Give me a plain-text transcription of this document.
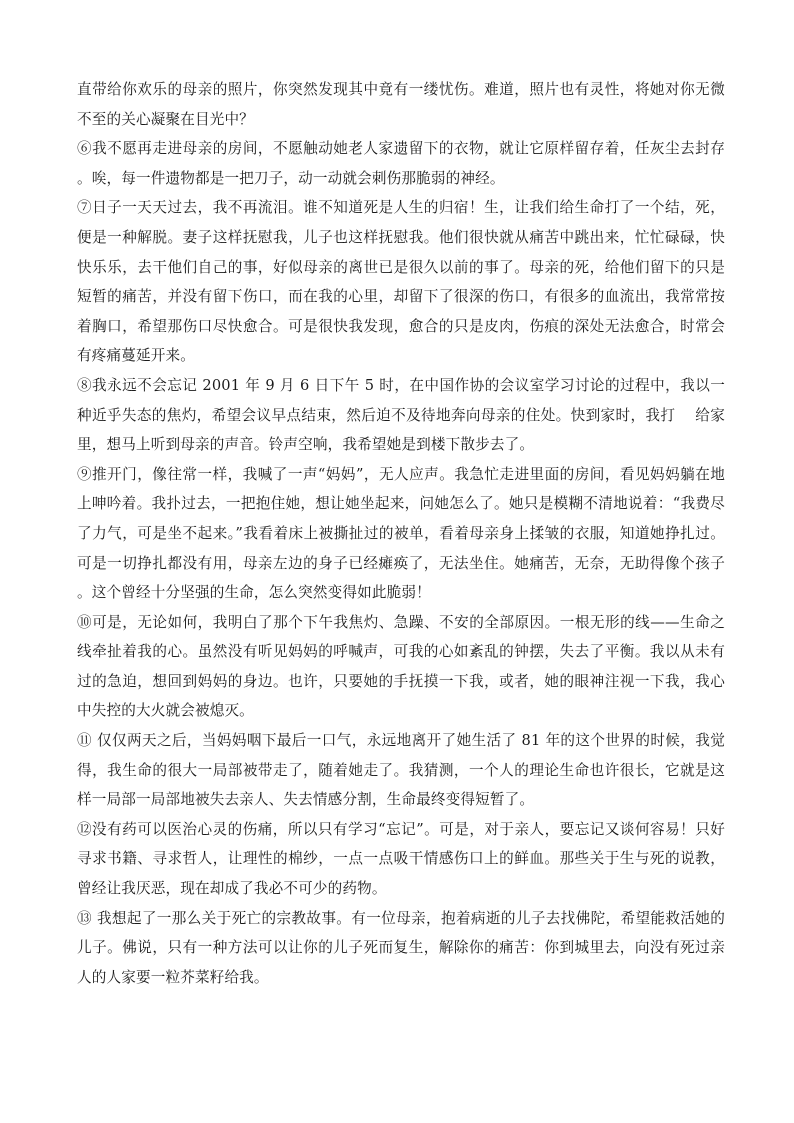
直带给你欢乐的母亲的照片，你突然发现其中竟有一缕忧伤。难道，照片也有灵性，将她对你无微不至的关心凝聚在目光中？

⑥我不愿再走进母亲的房间，不愿触动她老人家遗留下的衣物，就让它原样留存着，任灰尘去封存。唉，每一件遗物都是一把刀子，动一动就会刺伤那脆弱的神经。

⑦日子一天天过去，我不再流泪。谁不知道死是人生的归宿！生，让我们给生命打了一个结，死，便是一种解脱。妻子这样抚慰我，儿子也这样抚慰我。他们很快就从痛苦中跳出来，忙忙碌碌，快快乐乐，去干他们自己的事，好似母亲的离世已是很久以前的事了。母亲的死，给他们留下的只是短暂的痛苦，并没有留下伤口，而在我的心里，却留下了很深的伤口，有很多的血流出，我常常按着胸口，希望那伤口尽快愈合。可是很快我发现，愈合的只是皮肉，伤痕的深处无法愈合，时常会有疼痛蔓延开来。

⑧我永远不会忘记 2001 年 9 月 6 日下午 5 时，在中国作协的会议室学习讨论的过程中，我以一种近乎失态的焦灼，希望会议早点结束，然后迫不及待地奔向母亲的住处。快到家时，我打　 给家里，想马上听到母亲的声音。铃声空响，我希望她是到楼下散步去了。

⑨推开门，像往常一样，我喊了一声“妈妈”，无人应声。我急忙走进里面的房间，看见妈妈躺在地上呻吟着。我扑过去，一把抱住她，想让她坐起来，问她怎么了。她只是模糊不清地说着：“我费尽了力气，可是坐不起来。”我看着床上被撕扯过的被单，看着母亲身上揉皱的衣服，知道她挣扎过。可是一切挣扎都没有用，母亲左边的身子已经瘫痪了，无法坐住。她痛苦，无奈，无助得像个孩子。这个曾经十分坚强的生命，怎么突然变得如此脆弱！

⑩可是，无论如何，我明白了那个下午我焦灼、急躁、不安的全部原因。一根无形的线——生命之线牵扯着我的心。虽然没有听见妈妈的呼喊声，可我的心如紊乱的钟摆，失去了平衡。我以从未有过的急迫，想回到妈妈的身边。也许，只要她的手抚摸一下我，或者，她的眼神注视一下我，我心中失控的大火就会被熄灭。

⑪ 仅仅两天之后，当妈妈咽下最后一口气，永远地离开了她生活了 81 年的这个世界的时候，我觉得，我生命的很大一局部被带走了，随着她走了。我猜测，一个人的理论生命也许很长，它就是这样一局部一局部地被失去亲人、失去情感分割，生命最终变得短暂了。

⑫没有药可以医治心灵的伤痛，所以只有学习“忘记”。可是，对于亲人，要忘记又谈何容易！只好寻求书籍、寻求哲人，让理性的棉纱，一点一点吸干情感伤口上的鲜血。那些关于生与死的说教，曾经让我厌恶，现在却成了我必不可少的药物。

⑬ 我想起了一那么关于死亡的宗教故事。有一位母亲，抱着病逝的儿子去找佛陀，希望能救活她的儿子。佛说，只有一种方法可以让你的儿子死而复生，解除你的痛苦：你到城里去，向没有死过亲人的人家要一粒芥菜籽给我。
